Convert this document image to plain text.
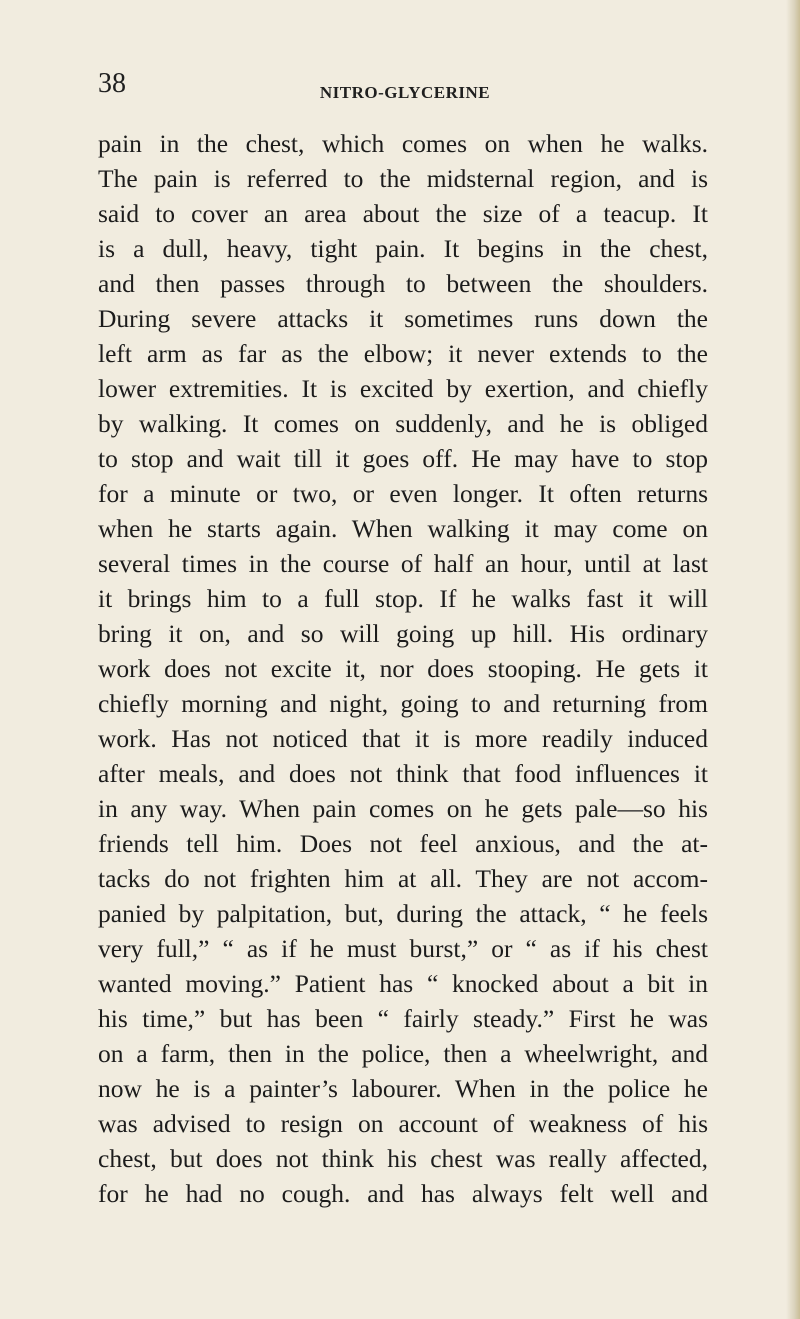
38	NITRO-GLYCERINE
pain in the chest, which comes on when he walks.
The pain is referred to the midsternal region, and is
said to cover an area about the size of a teacup. It
is a dull, heavy, tight pain. It begins in the chest,
and then passes through to between the shoulders.
During severe attacks it sometimes runs down the
left arm as far as the elbow; it never extends to the
lower extremities. It is excited by exertion, and chiefly
by walking. It comes on suddenly, and he is obliged
to stop and wait till it goes off. He may have to stop
for a minute or two, or even longer. It often returns
when he starts again. When walking it may come on
several times in the course of half an hour, until at last
it brings him to a full stop. If he walks fast it will
bring it on, and so will going up hill. His ordinary
work does not excite it, nor does stooping. He gets it
chiefly morning and night, going to and returning from
work. Has not noticed that it is more readily induced
after meals, and does not think that food influences it
in any way. When pain comes on he gets pale—so his
friends tell him. Does not feel anxious, and the at-
tacks do not frighten him at all. They are not accom-
panied by palpitation, but, during the attack, “ he feels
very full,” “ as if he must burst,” or “ as if his chest
wanted moving.” Patient has “ knocked about a bit in
his time,” but has been “ fairly steady.” First he was
on a farm, then in the police, then a wheelwright, and
now he is a painter’s labourer. When in the police he
was advised to resign on account of weakness of his
chest, but does not think his chest was really affected,
for he had no cough. and has always felt well and
